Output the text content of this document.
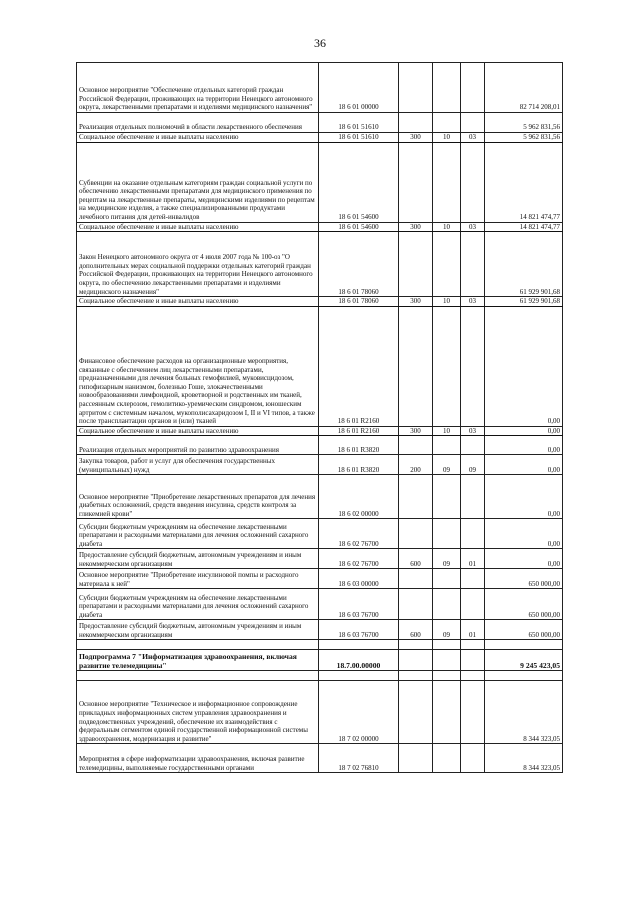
36
Основное мероприятие "Обеспечение отдельных категорий граждан Российской Федерации, проживающих на территории Ненецкого автономного округа, лекарственными препаратами и изделиями медицинского назначения"	18 6 01 00000				82 714 208,01
Реализация отдельных полномочий в области лекарственного обеспечения	18 6 01 51610				5 962 831,56
Социальное обеспечение и иные выплаты населению	18 6 01 51610	300	10	03	5 962 831,56
Субвенции на оказание отдельным категориям граждан социальной услуги по обеспечению лекарственными препаратами для медицинского применения по рецептам на лекарственные препараты, медицинскими изделиями по рецептам на медицинские изделия, а также специализированными продуктами лечебного питания для детей-инвалидов	18 6 01 54600				14 821 474,77
Социальное обеспечение и иные выплаты населению	18 6 01 54600	300	10	03	14 821 474,77
Закон Ненецкого автономного округа от 4 июля 2007 года № 100-оз "О дополнительных мерах социальной поддержки отдельных категорий граждан Российской Федерации, проживающих на территории Ненецкого автономного округа, по обеспечению лекарственными препаратами и изделиями медицинского назначения"	18 6 01 78060				61 929 901,68
Социальное обеспечение и иные выплаты населению	18 6 01 78060	300	10	03	61 929 901,68
Финансовое обеспечение расходов на организационные мероприятия, связанные с обеспечением лиц лекарственными препаратами, предназначенными для лечения больных гемофилией, муковисцидозом, гипофизарным нанизмом, болезнью Гоше, злокачественными новообразованиями лимфоидной, кроветворной и родственных им тканей, рассеянным склерозом, гемолитико-уремическим синдромом, юношеским артритом с системным началом, мукополисахаридозом I, II и VI типов, а также после трансплантации органов и (или) тканей	18 6 01 R2160				0,00
Социальное обеспечение и иные выплаты населению	18 6 01 R2160	300	10	03	0,00
Реализация отдельных мероприятий по развитию здравоохранения	18 6 01 R3820				0,00
Закупка товаров, работ и услуг для обеспечения государственных (муниципальных) нужд	18 6 01 R3820	200	09	09	0,00
Основное мероприятие "Приобретение лекарственных препаратов для лечения диабетных осложнений, средств введения инсулина, средств контроля за гликемией крови"	18 6 02 00000				0,00
Субсидии бюджетным учреждениям на обеспечение лекарственными препаратами и расходными материалами для лечения осложнений сахарного диабета	18 6 02 76700				0,00
Предоставление субсидий бюджетным, автономным учреждениям и иным некоммерческим организациям	18 6 02 76700	600	09	01	0,00
Основное мероприятие "Приобретение инсулиновой помпы и расходного материала к ней"	18 6 03 00000				650 000,00
Субсидии бюджетным учреждениям на обеспечение лекарственными препаратами и расходными материалами для лечения осложнений сахарного диабета	18 6 03 76700				650 000,00
Предоставление субсидий бюджетным, автономным учреждениям и иным некоммерческим организациям	18 6 03 76700	600	09	01	650 000,00

Подпрограмма 7 "Информатизация здравоохранения, включая развитие телемедицины"	18.7.00.00000				9 245 423,05

Основное мероприятие "Техническое и информационное сопровождение прикладных информационных систем управления здравоохранения и подведомственных учреждений, обеспечение их взаимодействия с федеральным сегментом единой государственной информационной системы здравоохранения, модернизация и развитие"	18 7 02 00000				8 344 323,05
Мероприятия в сфере информатизации здравоохранения, включая развитие телемедицины, выполняемые государственными органами	18 7 02 76810				8 344 323,05
